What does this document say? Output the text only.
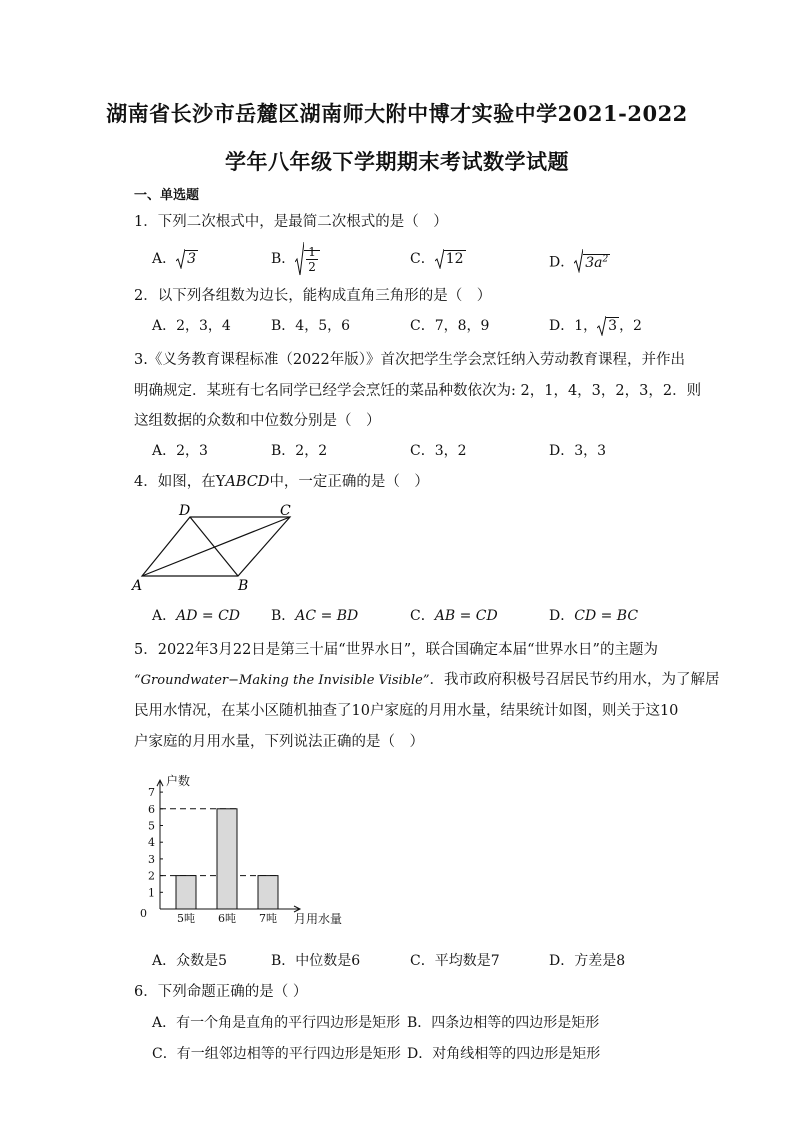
湖南省长沙市岳麓区湖南师大附中博才实验中学2021-2022
学年八年级下学期期末考试数学试题
一、单选题
1．下列二次根式中，是最简二次根式的是（　）
A． 3	B． $\frac{1}{2}$	C． 12	D． $3a^2$
2．以下列各组数为边长，能构成直角三角形的是（　）
A．2，3，4	B．4，5，6	C．7，8，9	D．1， 3 ，2
3.《义务教育课程标准（2022年版）》首次把学生学会烹饪纳入劳动教育课程，并作出
明确规定．某班有七名同学已经学会烹饪的菜品种数依次为: 2，1，4，3，2，3，2．则
这组数据的众数和中位数分别是（　）
A．2，3	B．2，2	C．3，2	D．3，3
4．如图，在YABCD中，一定正确的是（　）
A	B
C
D
A．AD = CD B．AC = BD	C．AB = CD	D．CD = BC
5．2022年3月22日是第三十届“世界水日”，联合国确定本届“世界水日”的主题为
“Groundwater−Making the Invisible Visible”．我市政府积极号召居民节约用水，为了解居
民用水情况，在某小区随机抽查了10户家庭的月用水量，结果统计如图，则关于这10
户家庭的月用水量，下列说法正确的是（　）
0
1
2
3
4
5
6
7
户数
月用水量
5吨 6吨 7吨
A．众数是5	B．中位数是6	C．平均数是7	D．方差是8
6．下列命题正确的是（ ）
A．有一个角是直角的平行四边形是矩形 B．四条边相等的四边形是矩形
C．有一组邻边相等的平行四边形是矩形 D．对角线相等的四边形是矩形
